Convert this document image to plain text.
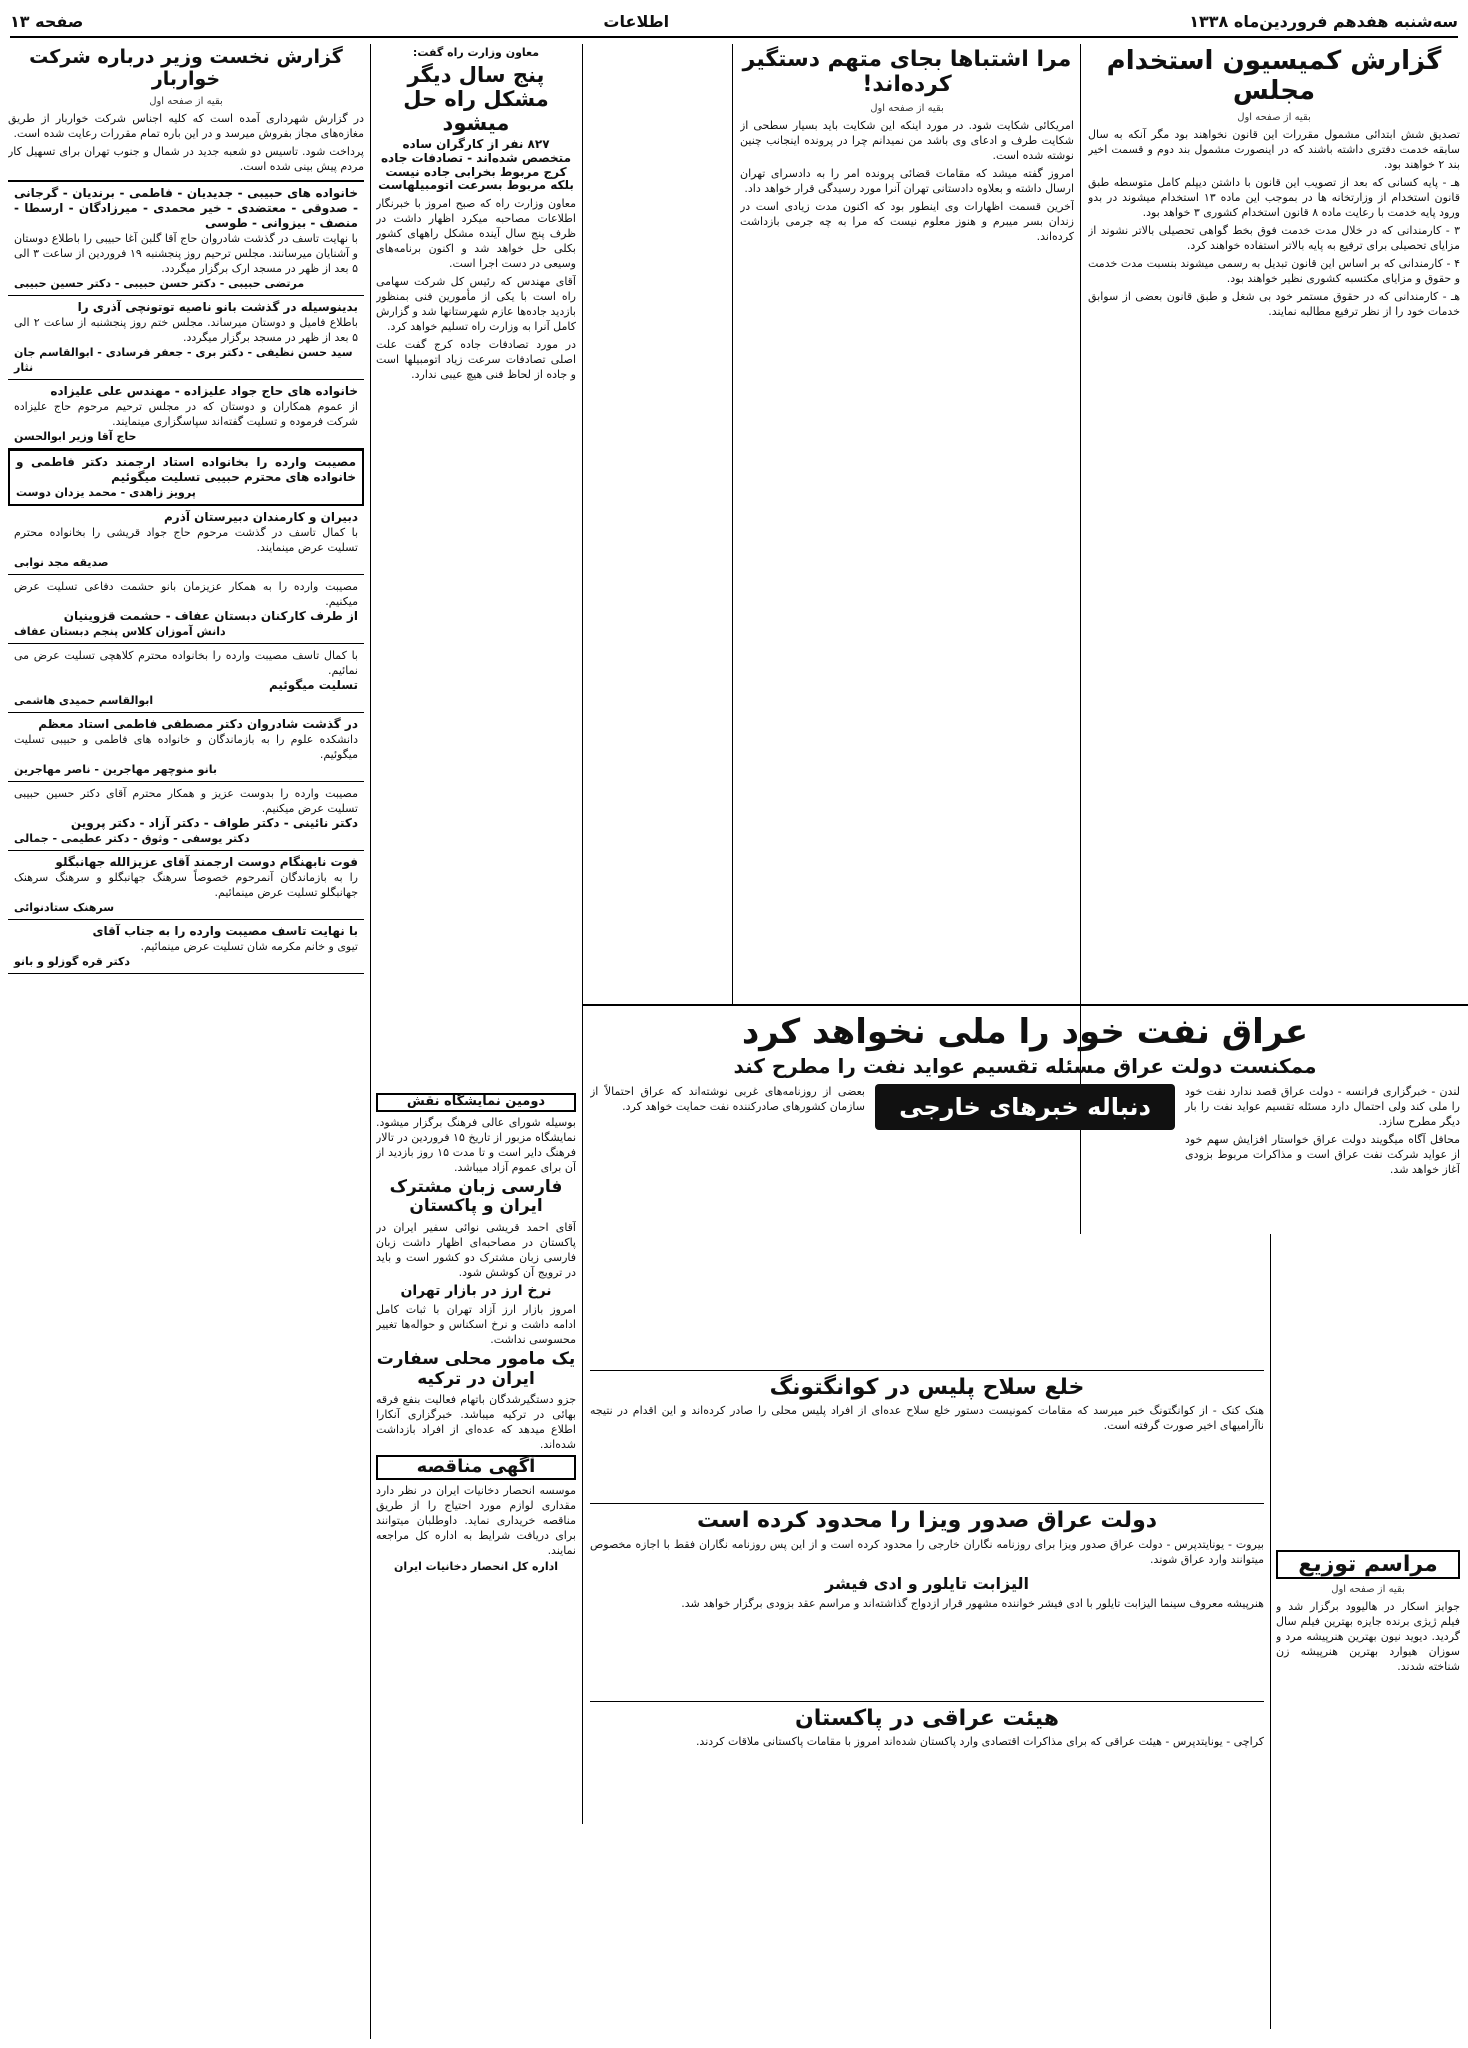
سه‌شنبه هفدهم فروردین‌ماه ۱۳۳۸
اطلاعات
صفحه ۱۳
گزارش کمیسیون استخدام مجلس
بقیه از صفحه اول

تصدیق شش ابتدائی مشمول مقررات این قانون نخواهند بود مگر آنکه به سال سابقه خدمت دفتری داشته باشند که در اینصورت مشمول بند دوم و قسمت اخیر بند ۲ خواهند بود.

هـ - پایه کسانی که بعد از تصویب این قانون با داشتن دیپلم کامل متوسطه طبق قانون استخدام از وزارتخانه ها در بموجب این ماده ۱۳ استخدام میشوند در بدو ورود پایه خدمت با رعایت ماده ۸ قانون استخدام کشوری ۳ خواهد بود.

۳ - کارمندانی که در خلال مدت خدمت فوق بخط گواهی تحصیلی بالاتر نشوند از مزایای تحصیلی برای ترفیع به پایه بالاتر استفاده خواهند کرد.

۴ - کارمندانی که بر اساس این قانون تبدیل به رسمی میشوند بنسبت مدت خدمت و حقوق و مزایای مکتسبه کشوری نظیر خواهند بود.

هـ - کارمندانی که در حقوق مستمر خود بی شغل و طبق قانون بعضی از سوابق خدمات خود را از نظر ترفیع مطالبه نمایند.

مرا اشتباها بجای متهم دستگیر کرده‌اند!
بقیه از صفحه اول

امریکائی شکایت شود. در مورد اینکه این شکایت باید بسیار سطحی از شکایت طرف و ادعای وی باشد من نمیدانم چرا در پرونده اینجانب چنین نوشته شده است.

امروز گفته میشد که مقامات قضائی پرونده امر را به دادسرای تهران ارسال داشته و بعلاوه دادستانی تهران آنرا مورد رسیدگی قرار خواهد داد.

آخرین قسمت اظهارات وی اینطور بود که اکنون مدت زیادی است در زندان بسر میبرم و هنوز معلوم نیست که مرا به چه جرمی بازداشت کرده‌اند.

معاون وزارت راه گفت:
پنج سال دیگر مشکل راه حل میشود
۸۲۷ نفر از کارگران ساده متخصص شده‌اند - تصادفات جاده کرج مربوط بخرابی جاده نیست بلکه مربوط بسرعت اتومبیلهاست

معاون وزارت راه که صبح امروز با خبرنگار اطلاعات مصاحبه میکرد اظهار داشت در ظرف پنج سال آینده مشکل راههای کشور بکلی حل خواهد شد و اکنون برنامه‌های وسیعی در دست اجرا است.

آقای مهندس که رئیس کل شرکت سهامی راه است با یکی از مأمورین فنی بمنظور بازدید جاده‌ها عازم شهرستانها شد و گزارش کامل آنرا به وزارت راه تسلیم خواهد کرد.

در مورد تصادفات جاده کرج گفت علت اصلی تصادفات سرعت زیاد اتومبیلها است و جاده از لحاظ فنی هیچ عیبی ندارد.

دومین نمایشگاه نقش

بوسیله شورای عالی فرهنگ برگزار میشود. نمایشگاه مزبور از تاریخ ۱۵ فروردین در تالار فرهنگ دایر است و تا مدت ۱۵ روز بازدید از آن برای عموم آزاد میباشد.

فارسی زبان مشترک ایران و پاکستان

آقای احمد قریشی نوائی سفیر ایران در پاکستان در مصاحبه‌ای اظهار داشت زبان فارسی زبان مشترک دو کشور است و باید در ترویج آن کوشش شود.

نرخ ارز در بازار تهران

امروز بازار ارز آزاد تهران با ثبات کامل ادامه داشت و نرخ اسکناس و حواله‌ها تغییر محسوسی نداشت.

یک مامور محلی سفارت ایران در ترکیه

جزو دستگیرشدگان باتهام فعالیت بنفع فرقه بهائی در ترکیه میباشد. خبرگزاری آنکارا اطلاع میدهد که عده‌ای از افراد بازداشت شده‌اند.

آگهی مناقصه

موسسه انحصار دخانیات ایران در نظر دارد مقداری لوازم مورد احتیاج را از طریق مناقصه خریداری نماید. داوطلبان میتوانند برای دریافت شرایط به اداره کل مراجعه نمایند.

اداره کل انحصار دخانیات ایران
گزارش نخست وزیر درباره شرکت خواربار
بقیه از صفحه اول

در گزارش شهرداری آمده است که کلیه اجناس شرکت خواربار از طریق مغازه‌های مجاز بفروش میرسد و در این باره تمام مقررات رعایت شده است.

پرداخت شود. تاسیس دو شعبه جدید در شمال و جنوب تهران برای تسهیل کار مردم پیش بینی شده است.

خانواده های حبیبی - جدیدیان - فاطمی - برندیان - گرجانی - صدوقی - معتضدی - خیر محمدی - میرزادگان - ارسطا - منصف - بیزوانی - طوسی
با نهایت تاسف در گذشت شادروان حاج آقا گلبن آغا حبیبی را باطلاع دوستان و آشنایان میرسانند. مجلس ترحیم روز پنجشنبه ۱۹ فروردین از ساعت ۳ الی ۵ بعد از ظهر در مسجد ارک برگزار میگردد.
مرتضی حبیبی - دکتر حسن حبیبی - دکتر حسین حبیبی
بدینوسیله در گذشت بانو ناصیه توتونچی آذری را
باطلاع فامیل و دوستان میرساند. مجلس ختم روز پنجشنبه از ساعت ۲ الی ۵ بعد از ظهر در مسجد برگزار میگردد.
سید حسن نظیفی - دکتر بری - جعفر فرسادی - ابوالقاسم جان نثار
خانواده های حاج جواد علیزاده - مهندس علی علیزاده
از عموم همکاران و دوستان که در مجلس ترحیم مرحوم حاج علیزاده شرکت فرموده و تسلیت گفته‌اند سپاسگزاری مینمایند.
حاج آقا وزیر ابوالحسن
مصیبت وارده را بخانواده استاد ارجمند دکتر فاطمی و خانواده های محترم حبیبی تسلیت میگوئیم
پرویز زاهدی - محمد یزدان دوست
دبیران و کارمندان دبیرستان آذرم
با کمال تاسف در گذشت مرحوم حاج جواد قریشی را بخانواده محترم تسلیت عرض مینمایند.
صدیقه مجد نوابی
مصیبت وارده را به همکار عزیزمان بانو حشمت دفاعی تسلیت عرض میکنیم.
از طرف کارکنان دبستان عفاف - حشمت قزوینیان
دانش آموزان کلاس پنجم دبستان عفاف
با کمال تاسف مصیبت وارده را بخانواده محترم کلاهچی تسلیت عرض می نمائیم.
تسلیت میگوئیم
ابوالقاسم حمیدی هاشمی
در گذشت شادروان دکتر مصطفی فاطمی استاد معظم
دانشکده علوم را به بازماندگان و خانواده های فاطمی و حبیبی تسلیت میگوئیم.
بانو منوچهر مهاجرین - ناصر مهاجرین
مصیبت وارده را بدوست عزیز و همکار محترم آقای دکتر حسین حبیبی تسلیت عرض میکنیم.
دکتر نائینی - دکتر طواف - دکتر آزاد - دکتر پروین
دکتر یوسفی - وثوق - دکتر عطیمی - جمالی
فوت نابهنگام دوست ارجمند آقای عزیزالله جهانبگلو
را به بازماندگان آنمرحوم خصوصاً سرهنگ جهانبگلو و سرهنگ سرهنک جهانبگلو تسلیت عرض مینمائیم.
سرهنک ستادنوائی
با نهایت تاسف مصیبت وارده را به جناب آقای
تیوی و خانم مکرمه شان تسلیت عرض مینمائیم.
دکتر قره گوزلو و بانو
عراق نفت خود را ملی نخواهد کرد
ممکنست دولت عراق مسئله تقسیم عواید نفت را مطرح کند

لندن - خبرگزاری فرانسه - دولت عراق قصد ندارد نفت خود را ملی کند ولی احتمال دارد مسئله تقسیم عواید نفت را بار دیگر مطرح سازد.

محافل آگاه میگویند دولت عراق خواستار افزایش سهم خود از عواید شرکت نفت عراق است و مذاکرات مربوط بزودی آغاز خواهد شد.

دنباله خبرهای خارجی

بعضی از روزنامه‌های غربی نوشته‌اند که عراق احتمالاً از سازمان کشورهای صادرکننده نفت حمایت خواهد کرد.

مراسم توزیع
بقیه از صفحه اول

جوایز اسکار در هالیوود برگزار شد و فیلم ژیژی برنده جایزه بهترین فیلم سال گردید. دیوید نیون بهترین هنرپیشه مرد و سوزان هیوارد بهترین هنرپیشه زن شناخته شدند.

خلع سلاح پلیس در کوانگتونگ

هنک کنک - از کوانگتونگ خبر میرسد که مقامات کمونیست دستور خلع سلاح عده‌ای از افراد پلیس محلی را صادر کرده‌اند و این اقدام در نتیجه ناآرامیهای اخیر صورت گرفته است.

دولت عراق صدور ویزا را محدود کرده است

بیروت - یونایتدپرس - دولت عراق صدور ویزا برای روزنامه نگاران خارجی را محدود کرده است و از این پس روزنامه نگاران فقط با اجازه مخصوص میتوانند وارد عراق شوند.

الیزابت تایلور و ادی فیشر

هنرپیشه معروف سینما الیزابت تایلور با ادی فیشر خواننده مشهور قرار ازدواج گذاشته‌اند و مراسم عقد بزودی برگزار خواهد شد.

هیئت عراقی در پاکستان

کراچی - یونایتدپرس - هیئت عراقی که برای مذاکرات اقتصادی وارد پاکستان شده‌اند امروز با مقامات پاکستانی ملاقات کردند.
